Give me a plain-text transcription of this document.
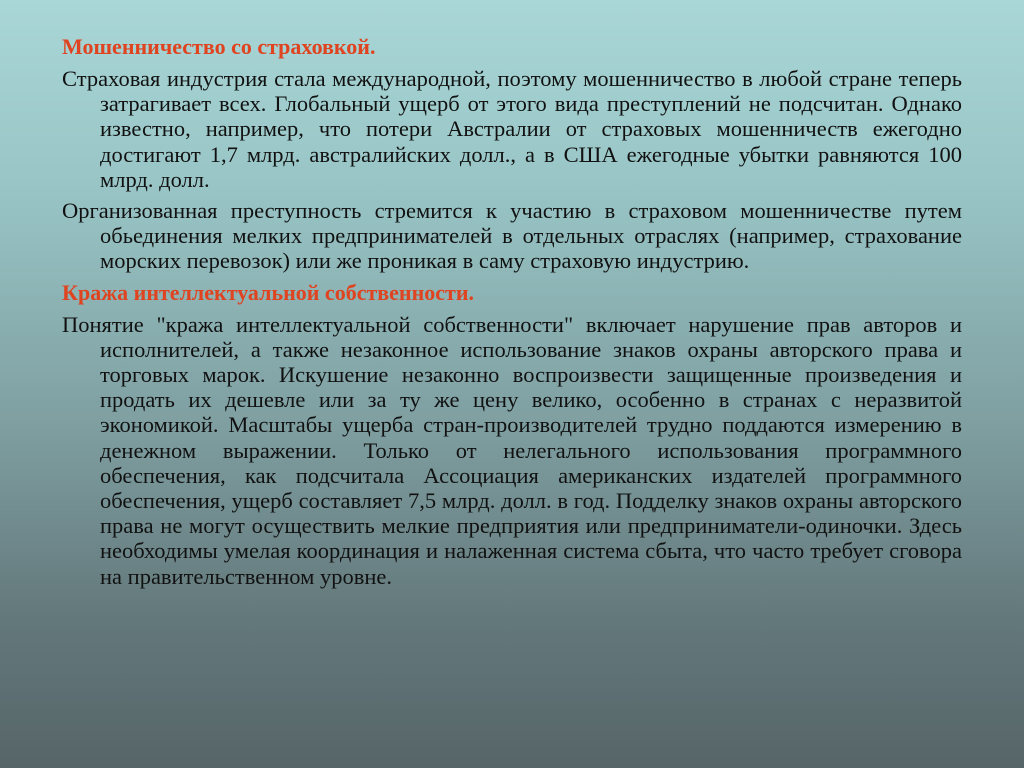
Мошенничество со страховкой.

Страховая индустрия стала международной, поэтому мошенничество в любой стране теперь затрагивает всех. Глобальный ущерб от этого вида преступлений не подсчитан. Однако известно, например, что потери Австралии от страховых мошенничеств ежегодно достигают 1,7 млрд. австралийских долл., а в США ежегодные убытки равняются 100 млрд. долл.

Организованная преступность стремится к участию в страховом мошенничестве путем обьединения мелких предпринимателей в отдельных отраслях (например, страхование морских перевозок) или же проникая в саму страховую индустрию.

Кража интеллектуальной собственности.

Понятие "кража интеллектуальной собственности" включает нарушение прав авторов и исполнителей, а также незаконное использование знаков охраны авторского права и торговых марок. Искушение незаконно воспроизвести защищенные произведения и продать их дешевле или за ту же цену велико, особенно в странах с неразвитой экономикой. Масштабы ущерба стран-производителей трудно поддаются измерению в денежном выражении. Только от нелегального использования программного обеспечения, как подсчитала Ассоциация американских издателей программного обеспечения, ущерб составляет 7,5 млрд. долл. в год. Подделку знаков охраны авторского права не могут осуществить мелкие предприятия или предприниматели-одиночки. Здесь необходимы умелая координация и налаженная система сбыта, что часто требует сговора на правительственном уровне.
